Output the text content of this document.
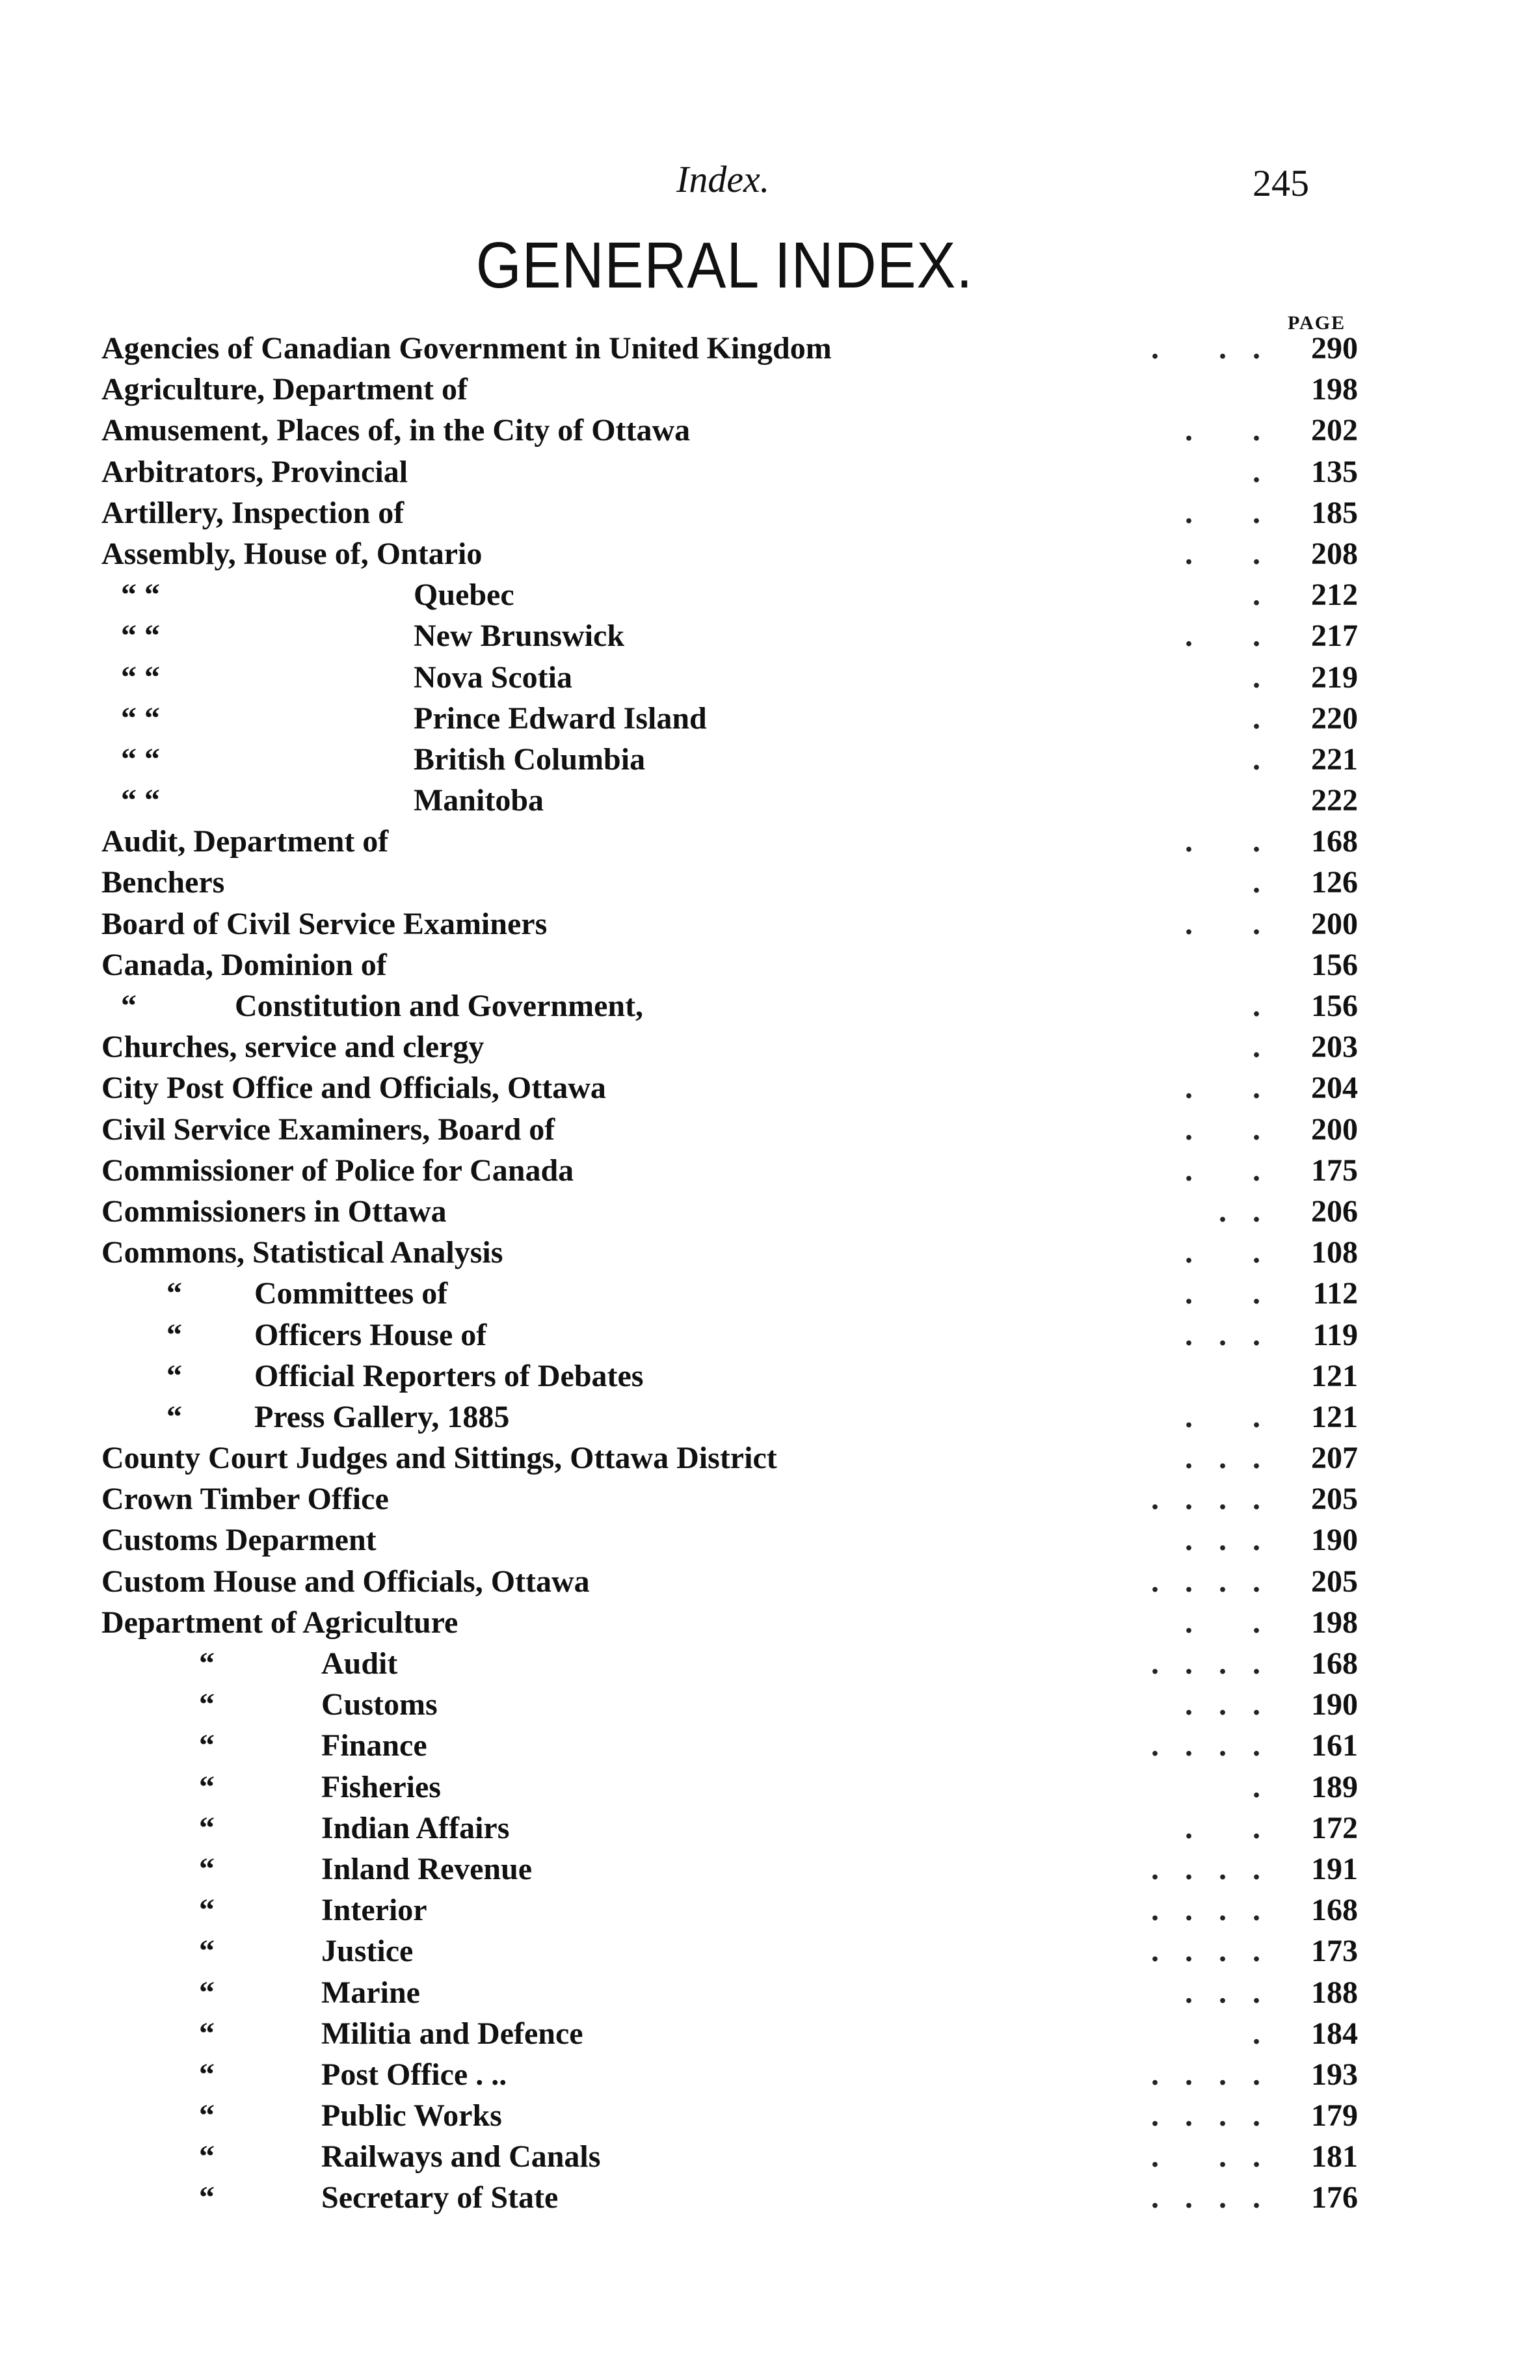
Index.	245
GENERAL INDEX.
PAGE
Agencies of Canadian Government in United Kingdom	. .. 290
Agriculture, Department of	198
Amusement, Places of, in the City of Ottawa	. . 202
Arbitrators, Provincial	. 135
Artillery, Inspection of	. . 185
Assembly, House of, Ontario	. . 208
“ “	Quebec	. 212
“ “	New Brunswick	. . 217
“ “	Nova Scotia	. 219
“ “	Prince Edward Island	. 220
“ “	British Columbia	. 221
“ “	Manitoba	222
Audit, Department of	. . 168
Benchers	. 126
Board of Civil Service Examiners	. . 200
Canada, Dominion of	156
“	Constitution and Government,	. 156
Churches, service and clergy	. 203
City Post Office and Officials, Ottawa	. . 204
Civil Service Examiners, Board of	. . 200
Commissioner of Police for Canada	. . 175
Commissioners in Ottawa	.. 206
Commons, Statistical Analysis	. . 108
“ Committees of	. . 112
“ Officers House of	... 119
“ Official Reporters of Debates	121
“ Press Gallery, 1885	. . 121
County Court Judges and Sittings, Ottawa District	... 207
Crown Timber Office	.... 205
Customs Deparment	... 190
Custom House and Officials, Ottawa	.... 205
Department of Agriculture	. . 198
“	Audit	.... 168
“	Customs	... 190
“	Finance	.... 161
“	Fisheries	. 189
“	Indian Affairs	. . 172
“	Inland Revenue	.... 191
“	Interior	.... 168
“	Justice	.... 173
“	Marine	... 188
“	Militia and Defence	. 184
“	Post Office . ..	.... 193
“	Public Works	.... 179
“	Railways and Canals	. .. 181
“	Secretary of State	.... 176
